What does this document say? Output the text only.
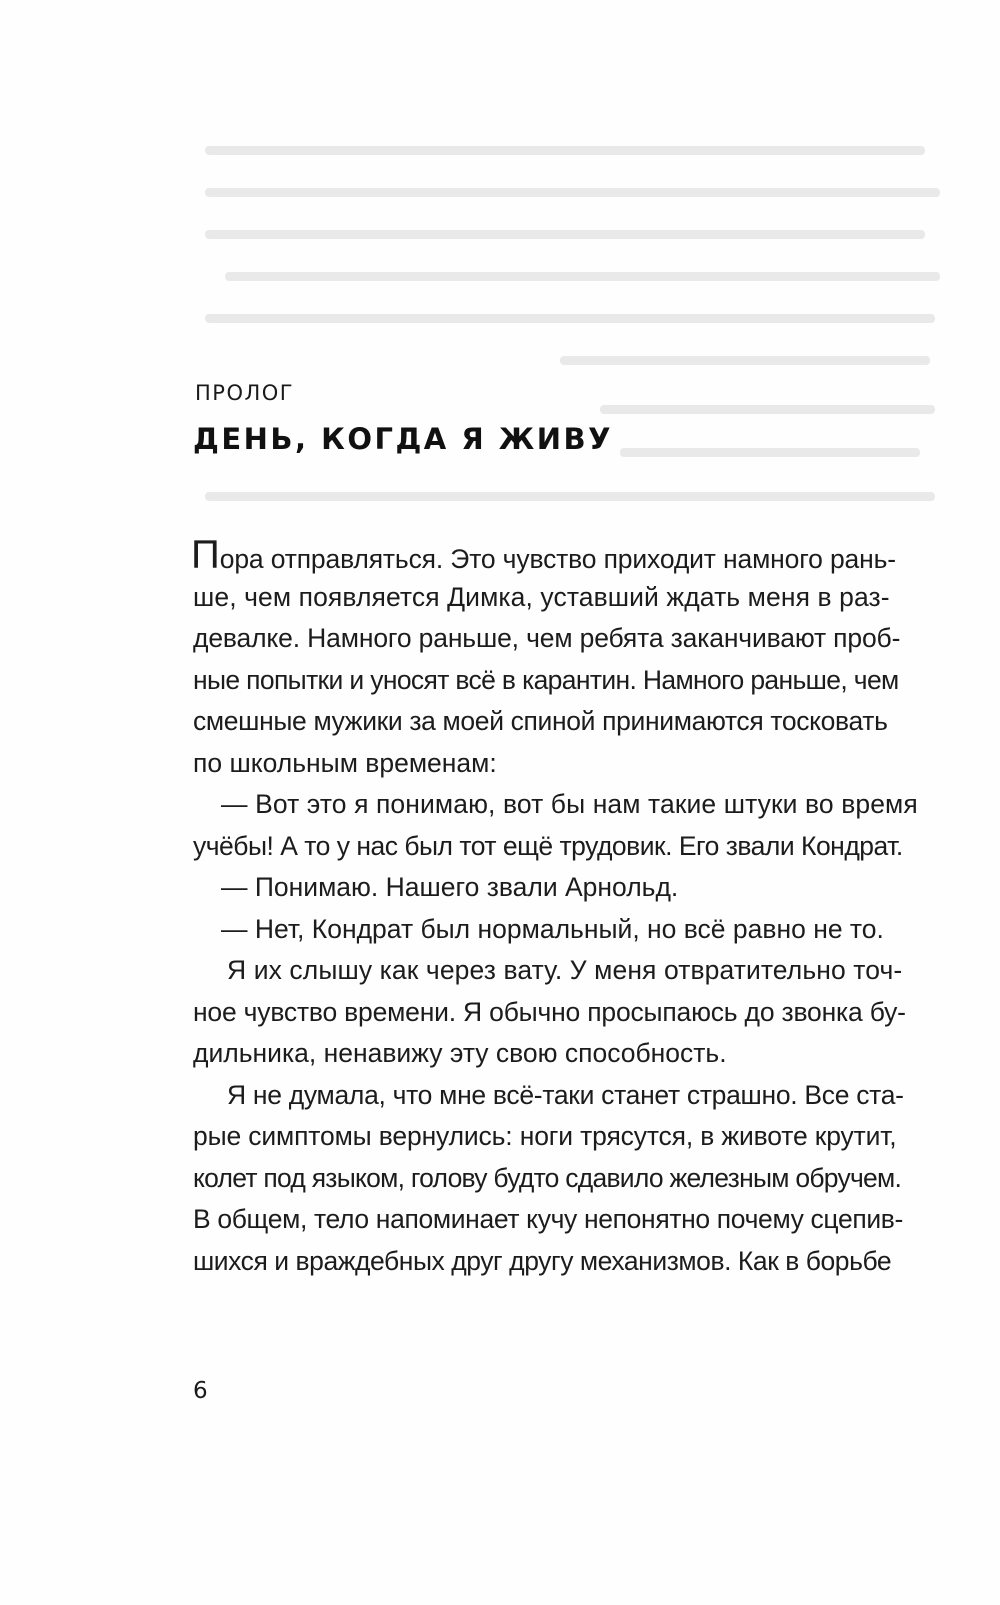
ПРОЛОГ
ДЕНЬ, КОГДА Я ЖИВУ
Пора отправляться. Это чувство приходит намного рань-
ше, чем появляется Димка, уставший ждать меня в раз-
девалке. Намного раньше, чем ребята заканчивают проб-
ные попытки и уносят всё в карантин. Намного раньше, чем
смешные мужики за моей спиной принимаются тосковать
по школьным временам:
— Вот это я понимаю, вот бы нам такие штуки во время
учёбы! А то у нас был тот ещё трудовик. Его звали Кондрат.
— Понимаю. Нашего звали Арнольд.
— Нет, Кондрат был нормальный, но всё равно не то.
Я их слышу как через вату. У меня отвратительно точ-
ное чувство времени. Я обычно просыпаюсь до звонка бу-
дильника, ненавижу эту свою способность.
Я не думала, что мне всё-таки станет страшно. Все ста-
рые симптомы вернулись: ноги трясутся, в животе крутит,
колет под языком, голову будто сдавило железным обручем.
В общем, тело напоминает кучу непонятно почему сцепив-
шихся и враждебных друг другу механизмов. Как в борьбе
6
